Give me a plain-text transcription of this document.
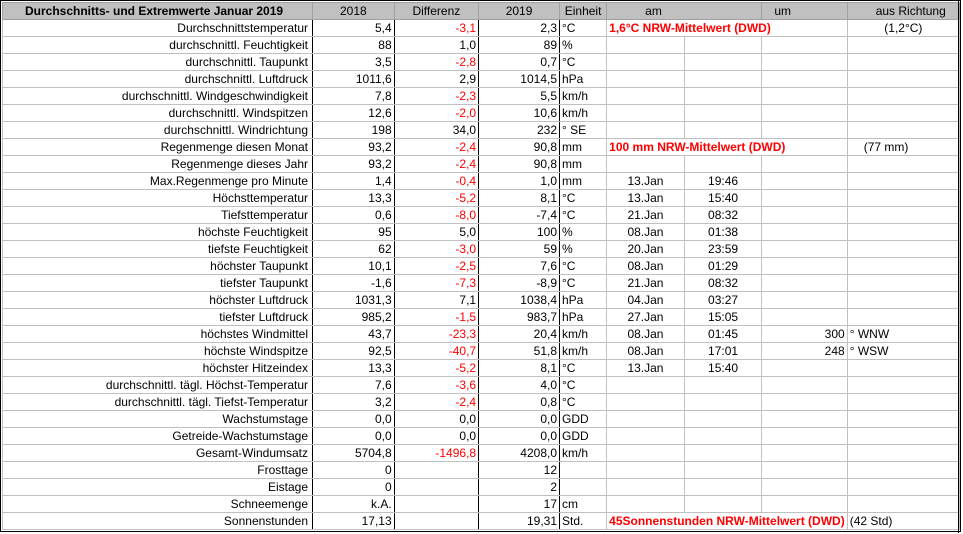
Durchschnitts- und Extremwerte Januar 2019	2018	Differenz	2019	Einheit	am		um	aus Richtung
Durchschnittstemperatur	5,4	-3,1	2,3	°C	1,6°C NRW-Mittelwert (DWD)			(1,2°C)
durchschnittl. Feuchtigkeit	88	1,0	89	%				
durchschnittl. Taupunkt	3,5	-2,8	0,7	°C				
durchschnittl. Luftdruck	1011,6	2,9	1014,5	hPa				
durchschnittl. Windgeschwindigkeit	7,8	-2,3	5,5	km/h				
durchschnittl. Windspitzen	12,6	-2,0	10,6	km/h				
durchschnittl. Windrichtung	198	34,0	232	° SE				
Regenmenge diesen Monat	93,2	-2,4	90,8	mm	100 mm NRW-Mittelwert (DWD)			(77 mm)
Regenmenge dieses Jahr	93,2	-2,4	90,8	mm				
Max.Regenmenge pro Minute	1,4	-0,4	1,0	mm	13.Jan	19:46		
Höchsttemperatur	13,3	-5,2	8,1	°C	13.Jan	15:40		
Tiefsttemperatur	0,6	-8,0	-7,4	°C	21.Jan	08:32		
höchste Feuchtigkeit	95	5,0	100	%	08.Jan	01:38		
tiefste Feuchtigkeit	62	-3,0	59	%	20.Jan	23:59		
höchster Taupunkt	10,1	-2,5	7,6	°C	08.Jan	01:29		
tiefster Taupunkt	-1,6	-7,3	-8,9	°C	21.Jan	08:32		
höchster Luftdruck	1031,3	7,1	1038,4	hPa	04.Jan	03:27		
tiefster Luftdruck	985,2	-1,5	983,7	hPa	27.Jan	15:05		
höchstes Windmittel	43,7	-23,3	20,4	km/h	08.Jan	01:45	300	° WNW
höchste Windspitze	92,5	-40,7	51,8	km/h	08.Jan	17:01	248	° WSW
höchster Hitzeindex	13,3	-5,2	8,1	°C	13.Jan	15:40		
durchschnittl. tägl. Höchst-Temperatur	7,6	-3,6	4,0	°C				
durchschnittl. tägl. Tiefst-Temperatur	3,2	-2,4	0,8	°C				
Wachstumstage	0,0	0,0	0,0	GDD				
Getreide-Wachstumstage	0,0	0,0	0,0	GDD				
Gesamt-Windumsatz	5704,8	-1496,8	4208,0	km/h				
Frosttage	0		12					
Eistage	0		2					
Schneemenge	k.A.		17	cm				
Sonnenstunden	17,13		19,31	Std.	45Sonnenstunden NRW-Mittelwert (DWD)			(42 Std)
